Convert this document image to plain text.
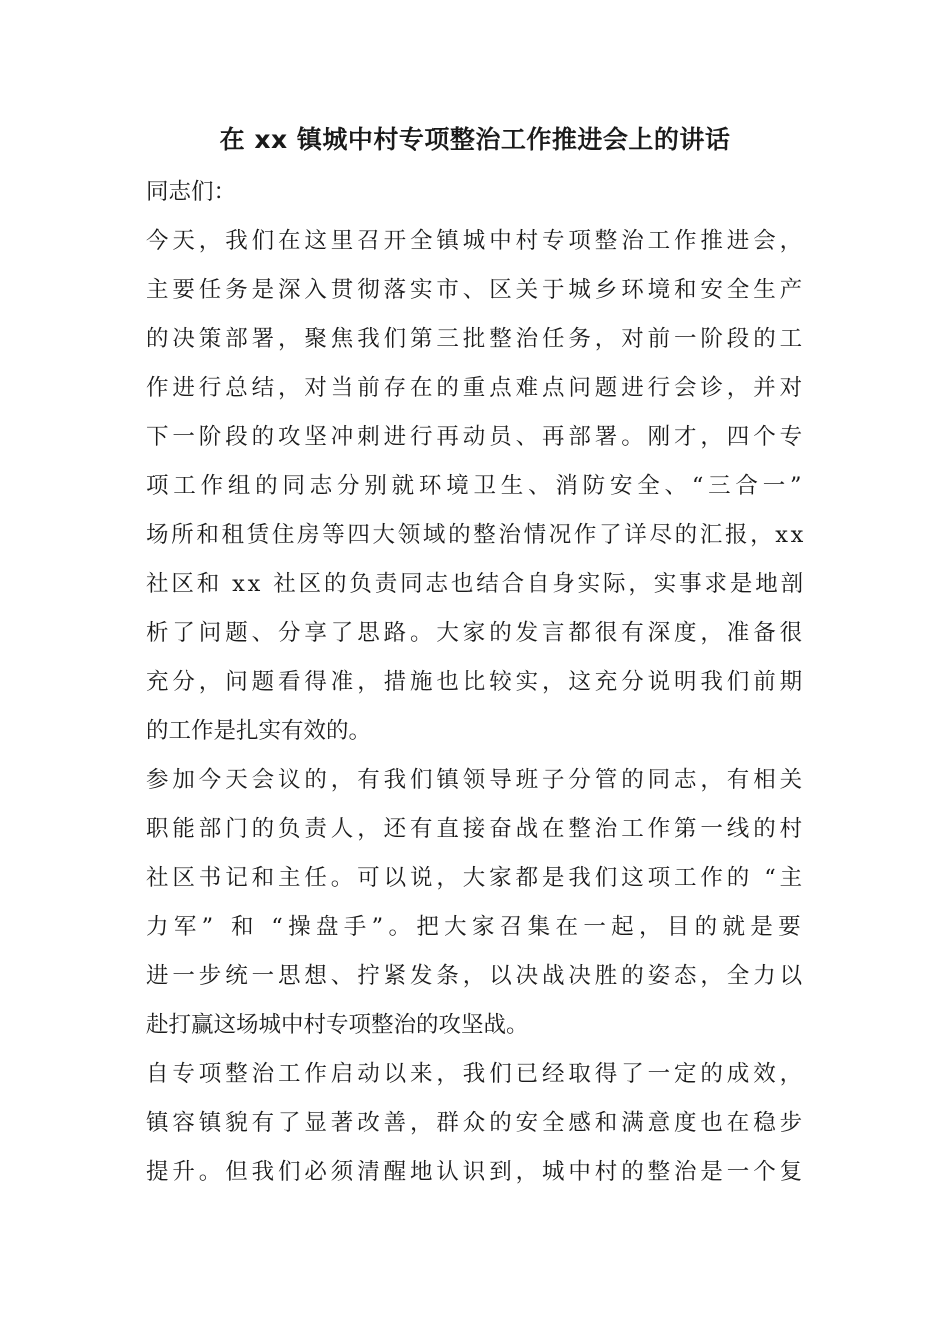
在 xx 镇城中村专项整治工作推进会上的讲话
同志们：
今天，我们在这里召开全镇城中村专项整治工作推进会，
主要任务是深入贯彻落实市、区关于城乡环境和安全生产
的决策部署，聚焦我们第三批整治任务，对前一阶段的工
作进行总结，对当前存在的重点难点问题进行会诊，并对
下一阶段的攻坚冲刺进行再动员、再部署。刚才，四个专
项工作组的同志分别就环境卫生、消防安全、“三合一”
场所和租赁住房等四大领域的整治情况作了详尽的汇报，xx
社区和 xx 社区的负责同志也结合自身实际，实事求是地剖
析了问题、分享了思路。大家的发言都很有深度，准备很
充分，问题看得准，措施也比较实，这充分说明我们前期
的工作是扎实有效的。
参加今天会议的，有我们镇领导班子分管的同志，有相关
职能部门的负责人，还有直接奋战在整治工作第一线的村
社区书记和主任。可以说，大家都是我们这项工作的 “主
力军” 和 “操盘手”。把大家召集在一起，目的就是要
进一步统一思想、拧紧发条，以决战决胜的姿态，全力以
赴打赢这场城中村专项整治的攻坚战。
自专项整治工作启动以来，我们已经取得了一定的成效，
镇容镇貌有了显著改善，群众的安全感和满意度也在稳步
提升。但我们必须清醒地认识到，城中村的整治是一个复
